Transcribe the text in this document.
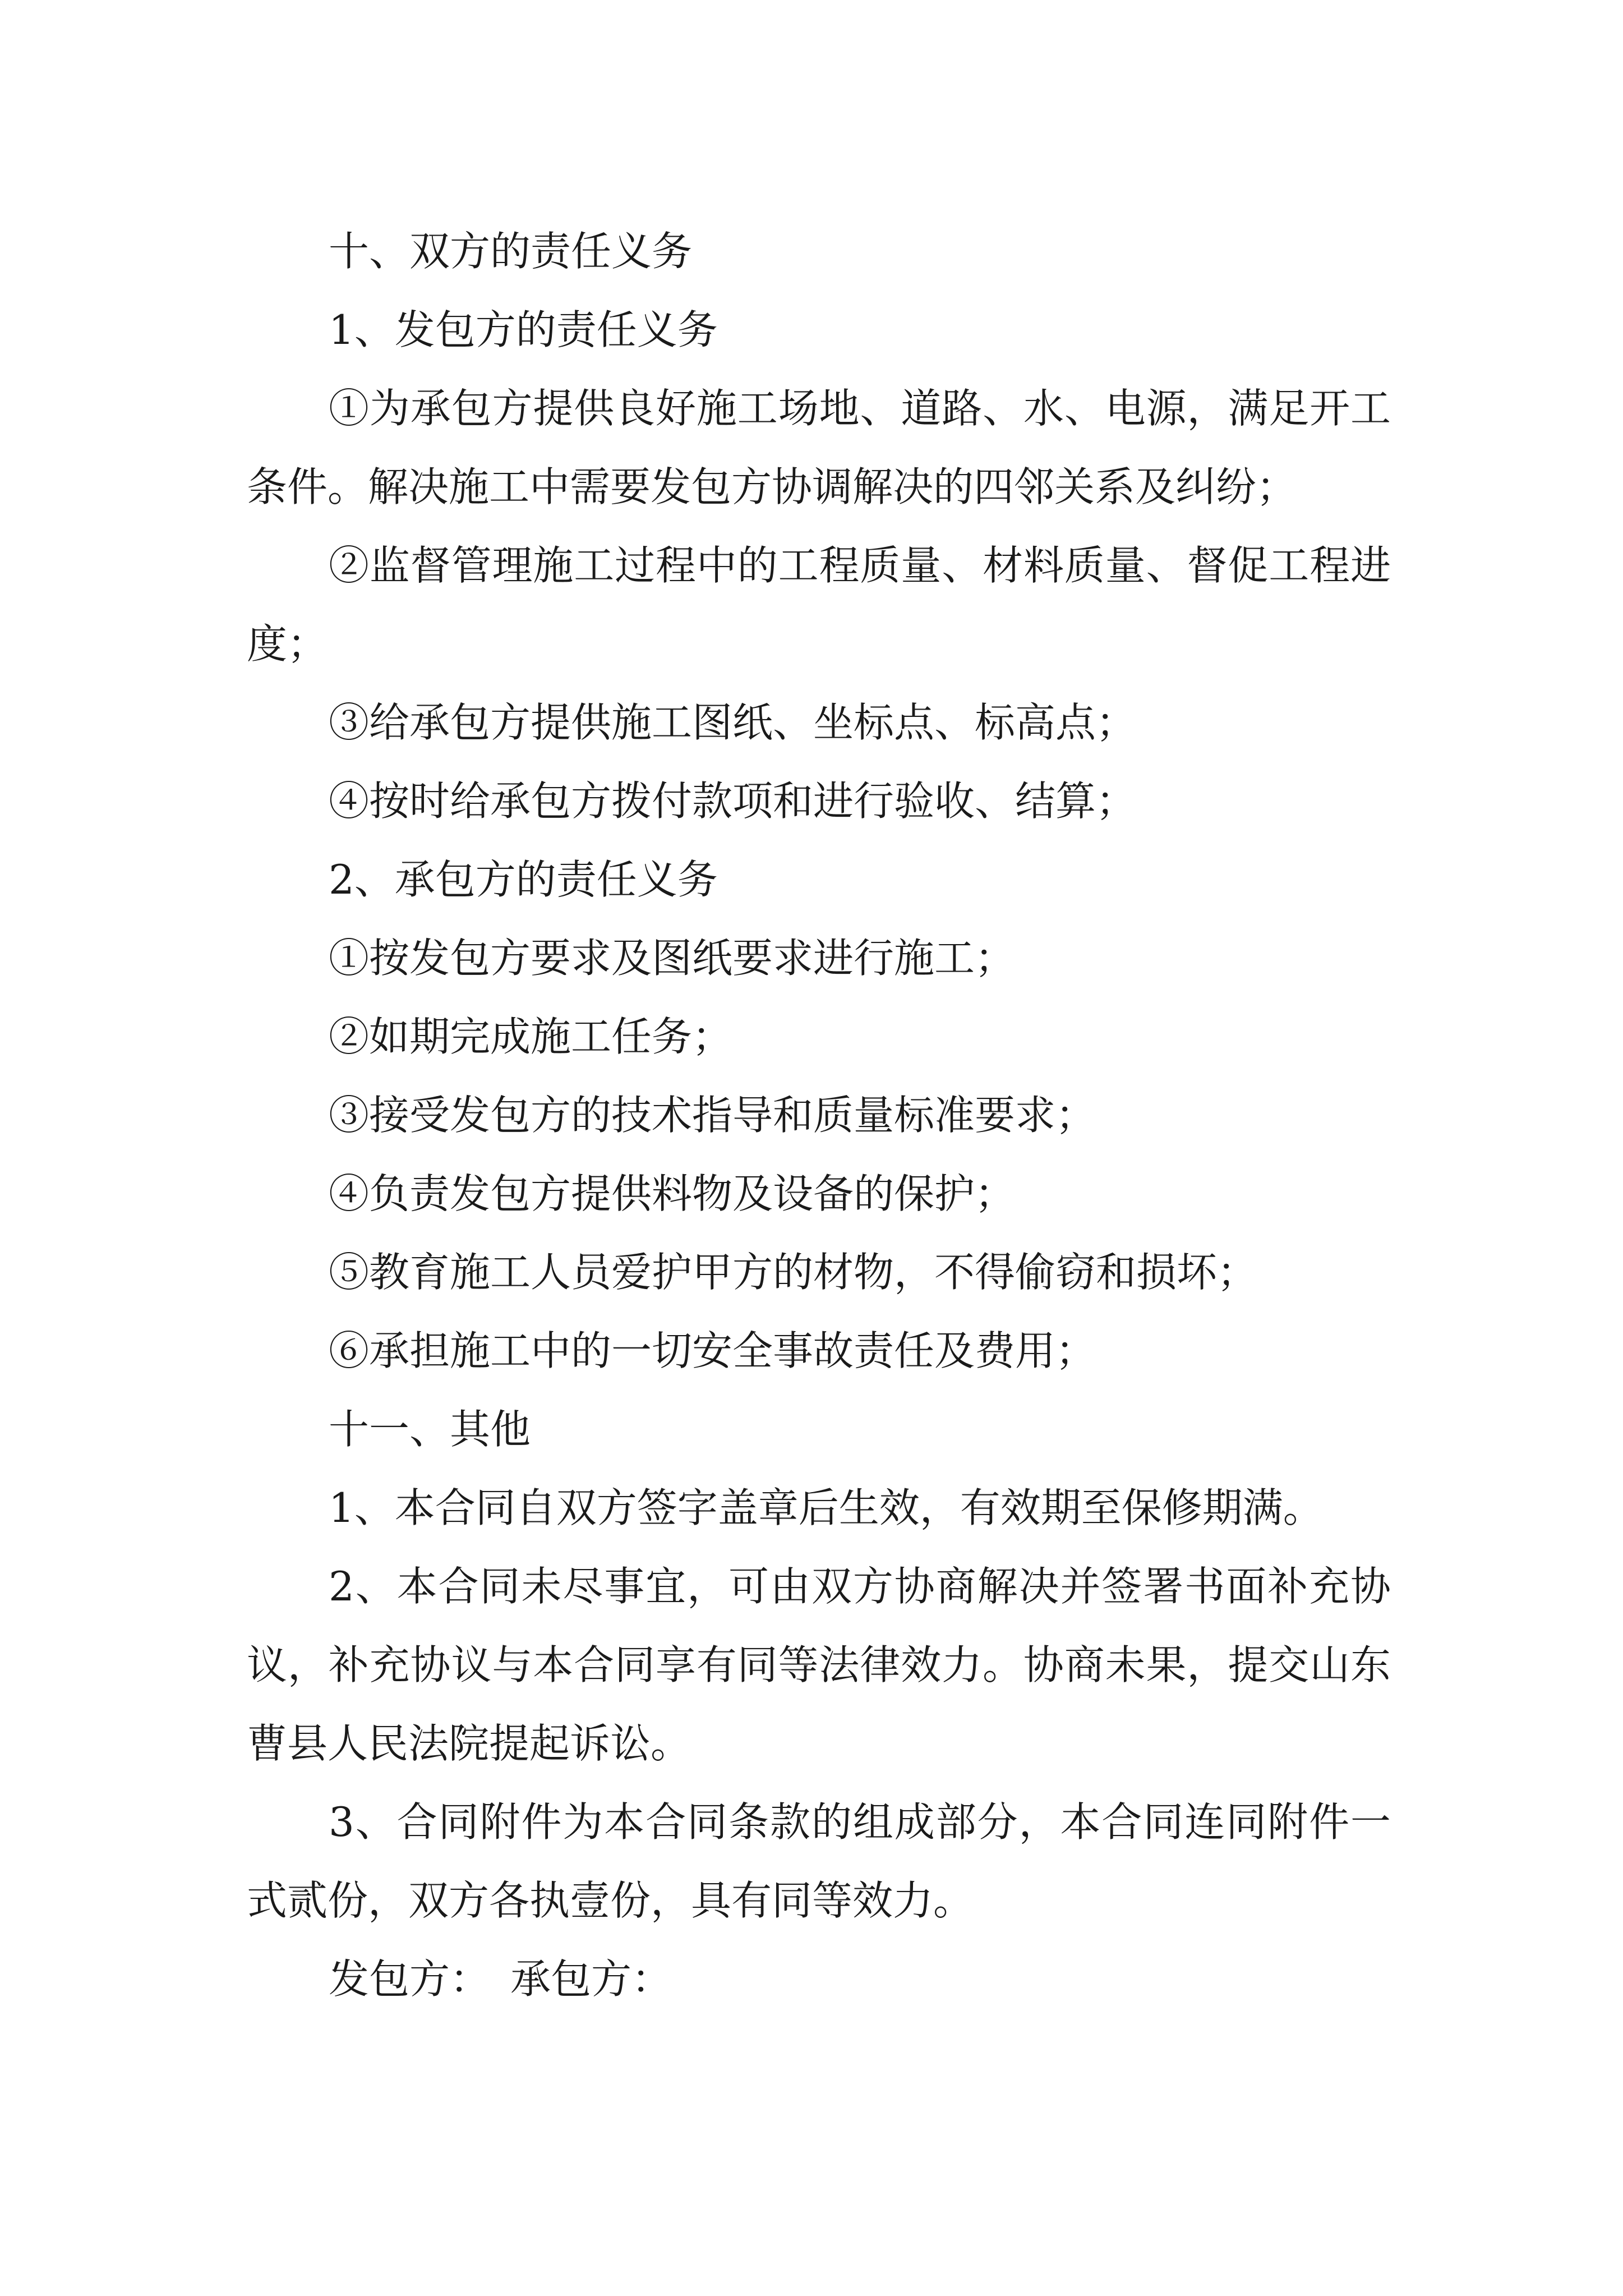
十、双方的责任义务

1、发包方的责任义务

①为承包方提供良好施工场地、道路、水、电源，满足开工条件。解决施工中需要发包方协调解决的四邻关系及纠纷；

②监督管理施工过程中的工程质量、材料质量、督促工程进度；

③给承包方提供施工图纸、坐标点、标高点；

④按时给承包方拨付款项和进行验收、结算；

2、承包方的责任义务

①按发包方要求及图纸要求进行施工；

②如期完成施工任务；

③接受发包方的技术指导和质量标准要求；

④负责发包方提供料物及设备的保护；

⑤教育施工人员爱护甲方的材物，不得偷窃和损坏；

⑥承担施工中的一切安全事故责任及费用；

十一、其他

1、本合同自双方签字盖章后生效，有效期至保修期满。

2、本合同未尽事宜，可由双方协商解决并签署书面补充协议，补充协议与本合同享有同等法律效力。协商未果，提交山东曹县人民法院提起诉讼。

3、合同附件为本合同条款的组成部分，本合同连同附件一式贰份，双方各执壹份，具有同等效力。

发包方： 承包方：
